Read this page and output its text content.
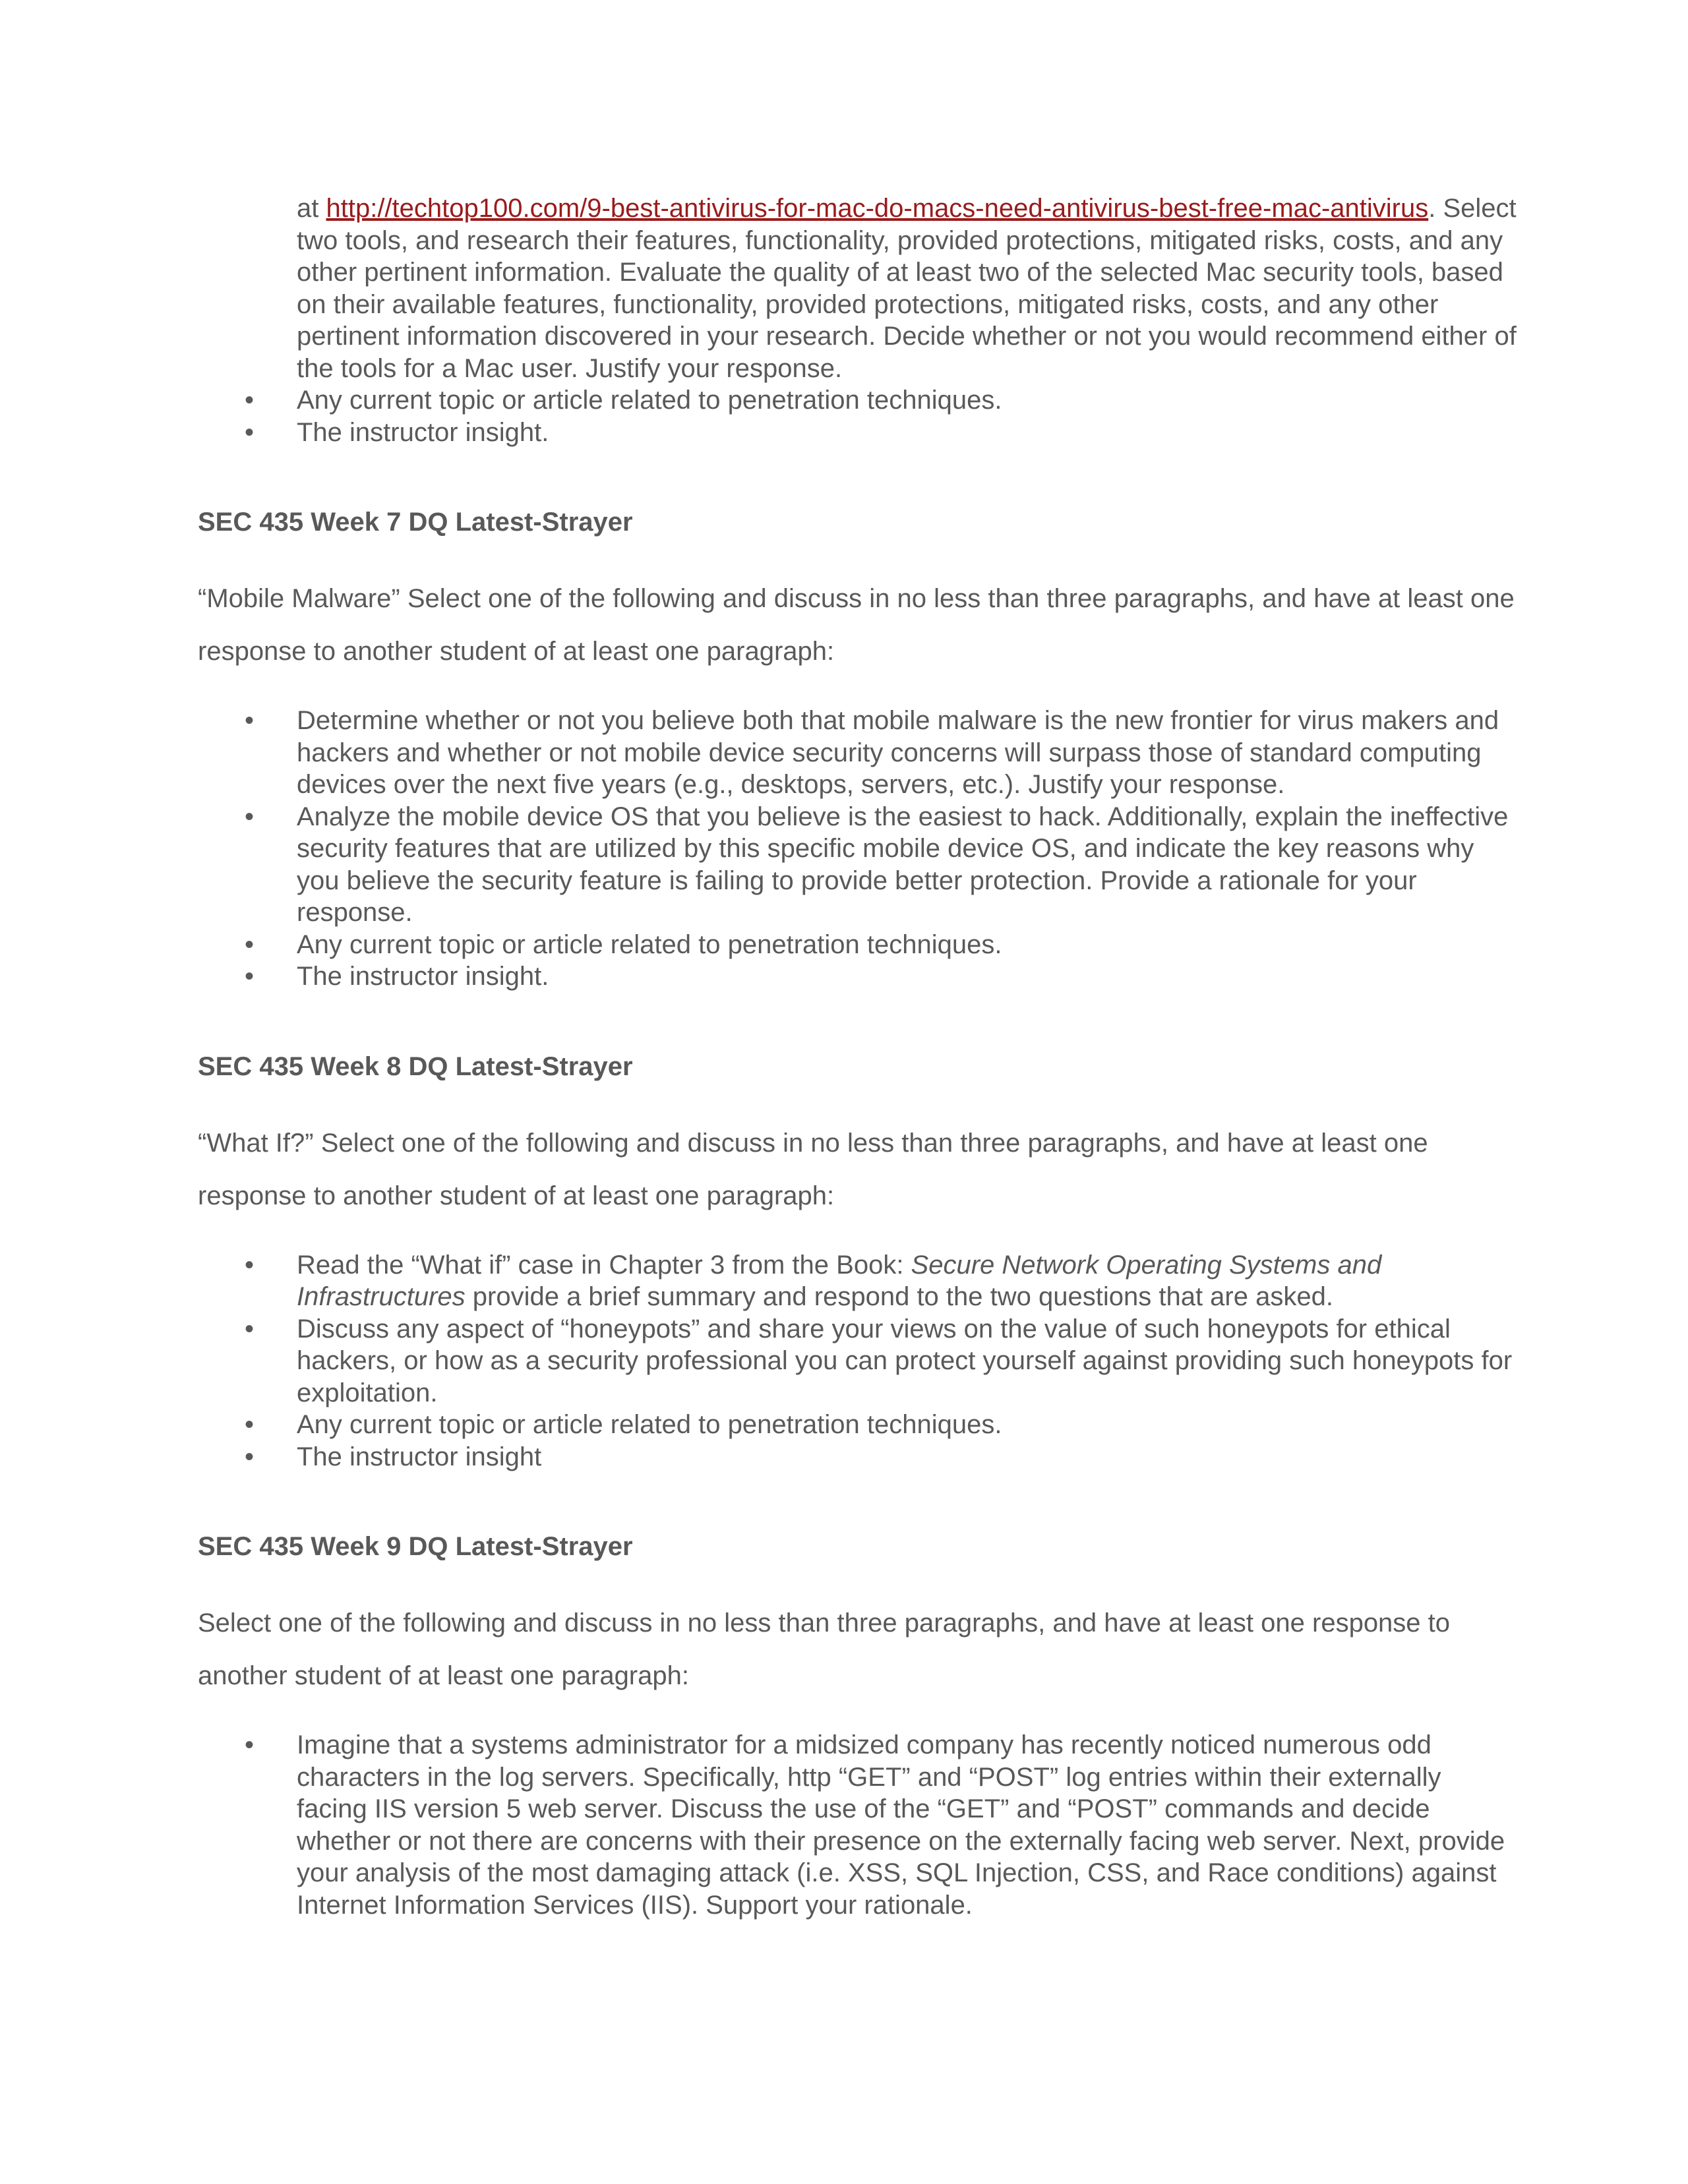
at http://techtop100.com/9-best-antivirus-for-mac-do-macs-need-antivirus-best-free-mac-antivirus. Select two tools, and research their features, functionality, provided protections, mitigated risks, costs, and any other pertinent information. Evaluate the quality of at least two of the selected Mac security tools, based on their available features, functionality, provided protections, mitigated risks, costs, and any other pertinent information discovered in your research. Decide whether or not you would recommend either of the tools for a Mac user. Justify your response.
• Any current topic or article related to penetration techniques.
• The instructor insight.

SEC 435 Week 7 DQ Latest-Strayer

“Mobile Malware” Select one of the following and discuss in no less than three paragraphs, and have at least one response to another student of at least one paragraph:

• Determine whether or not you believe both that mobile malware is the new frontier for virus makers and hackers and whether or not mobile device security concerns will surpass those of standard computing devices over the next five years (e.g., desktops, servers, etc.). Justify your response.
• Analyze the mobile device OS that you believe is the easiest to hack. Additionally, explain the ineffective security features that are utilized by this specific mobile device OS, and indicate the key reasons why you believe the security feature is failing to provide better protection. Provide a rationale for your response.
• Any current topic or article related to penetration techniques.
• The instructor insight.

SEC 435 Week 8 DQ Latest-Strayer

“What If?” Select one of the following and discuss in no less than three paragraphs, and have at least one response to another student of at least one paragraph:

• Read the “What if” case in Chapter 3 from the Book: Secure Network Operating Systems and Infrastructures provide a brief summary and respond to the two questions that are asked.
• Discuss any aspect of “honeypots” and share your views on the value of such honeypots for ethical hackers, or how as a security professional you can protect yourself against providing such honeypots for exploitation.
• Any current topic or article related to penetration techniques.
• The instructor insight

SEC 435 Week 9 DQ Latest-Strayer

Select one of the following and discuss in no less than three paragraphs, and have at least one response to another student of at least one paragraph:

• Imagine that a systems administrator for a midsized company has recently noticed numerous odd characters in the log servers. Specifically, http “GET” and “POST” log entries within their externally facing IIS version 5 web server. Discuss the use of the “GET” and “POST” commands and decide whether or not there are concerns with their presence on the externally facing web server. Next, provide your analysis of the most damaging attack (i.e. XSS, SQL Injection, CSS, and Race conditions) against Internet Information Services (IIS). Support your rationale.
